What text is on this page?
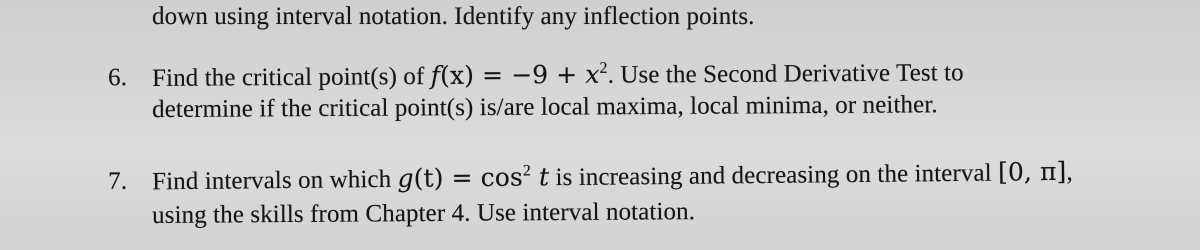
down using interval notation. Identify any inflection points.
6. Find the critical point(s) of $f(x) = -9 + x^2$. Use the Second Derivative Test to
determine if the critical point(s) is/are local maxima, local minima, or neither.
7. Find intervals on which $g(t) = \cos^2 t$ is increasing and decreasing on the interval [0, π],
using the skills from Chapter 4. Use interval notation.
